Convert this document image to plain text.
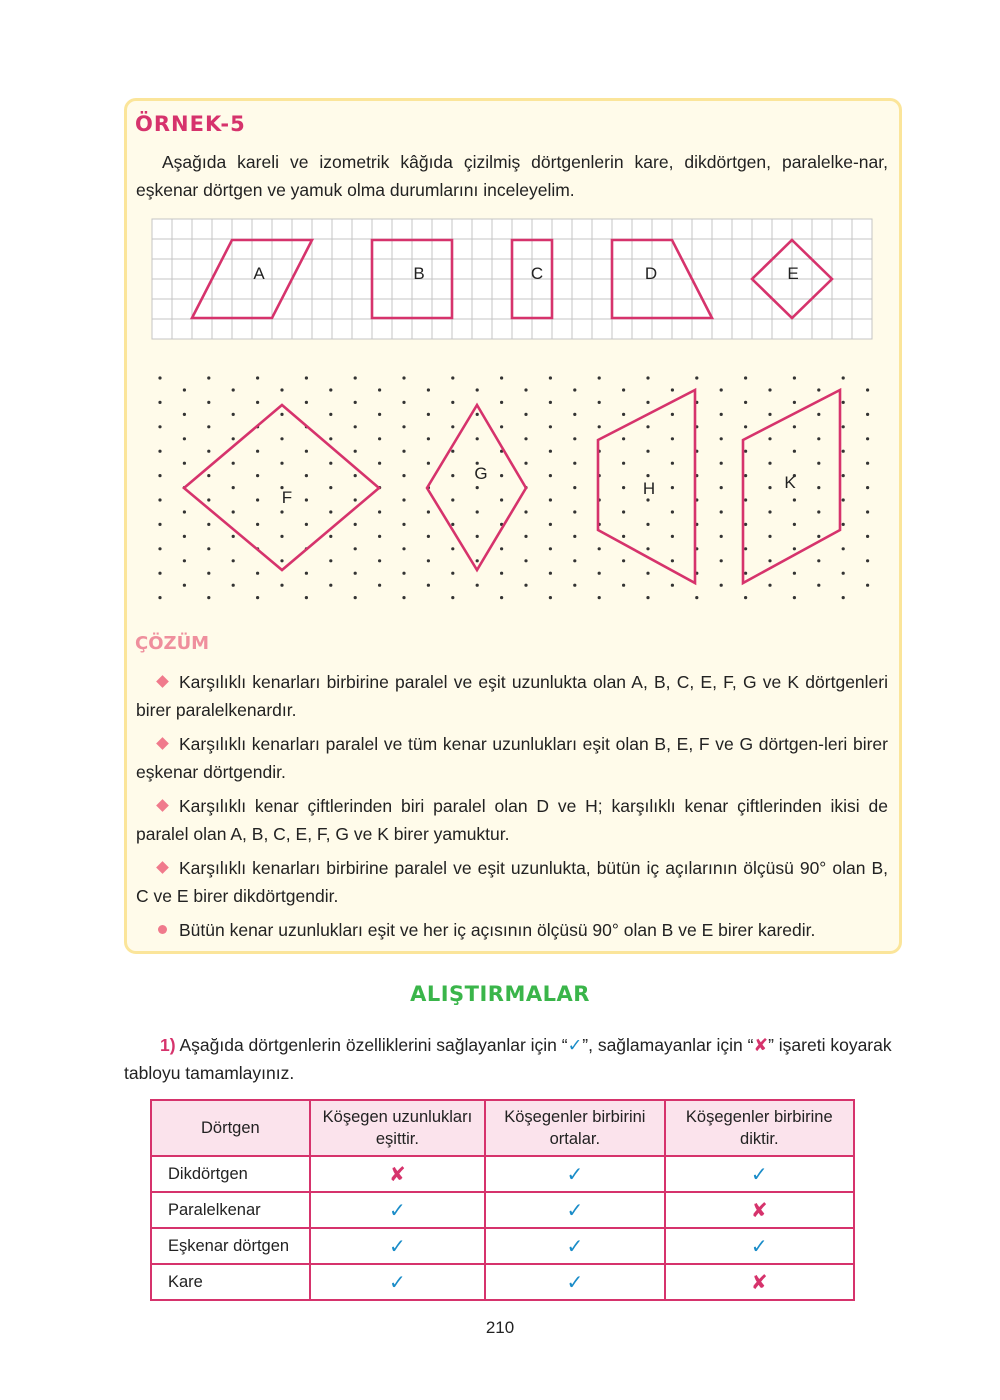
ÖRNEK-5
Aşağıda kareli ve izometrik kâğıda çizilmiş dörtgenlerin kare, dikdörtgen, paralelke-nar, eşkenar dörtgen ve yamuk olma durumlarını inceleyelim.
A	B	C	D	E
F
G
H	K
ÇÖZÜM
Karşılıklı kenarları birbirine paralel ve eşit uzunlukta olan A, B, C, E, F, G ve K dörtgenleri birer paralelkenardır.
Karşılıklı kenarları paralel ve tüm kenar uzunlukları eşit olan B, E, F ve G dörtgen-leri birer eşkenar dörtgendir.
Karşılıklı kenar çiftlerinden biri paralel olan D ve H; karşılıklı kenar çiftlerinden ikisi de paralel olan A, B, C, E, F, G ve K birer yamuktur.
Karşılıklı kenarları birbirine paralel ve eşit uzunlukta, bütün iç açılarının ölçüsü 90° olan B, C ve E birer dikdörtgendir.
Bütün kenar uzunlukları eşit ve her iç açısının ölçüsü 90° olan B ve E birer karedir.
ALIŞTIRMALAR
1) Aşağıda dörtgenlerin özelliklerini sağlayanlar için “✓”, sağlamayanlar için “✘” işareti koyarak tabloyu tamamlayınız.
Dörtgen	Köşegen uzunlukları eşittir.	Köşegenler birbirini ortalar.	Köşegenler birbirine diktir.
Dikdörtgen	✘	✓	✓
Paralelkenar	✓	✓	✘
Eşkenar dörtgen	✓	✓	✓
Kare	✓	✓	✘
210
